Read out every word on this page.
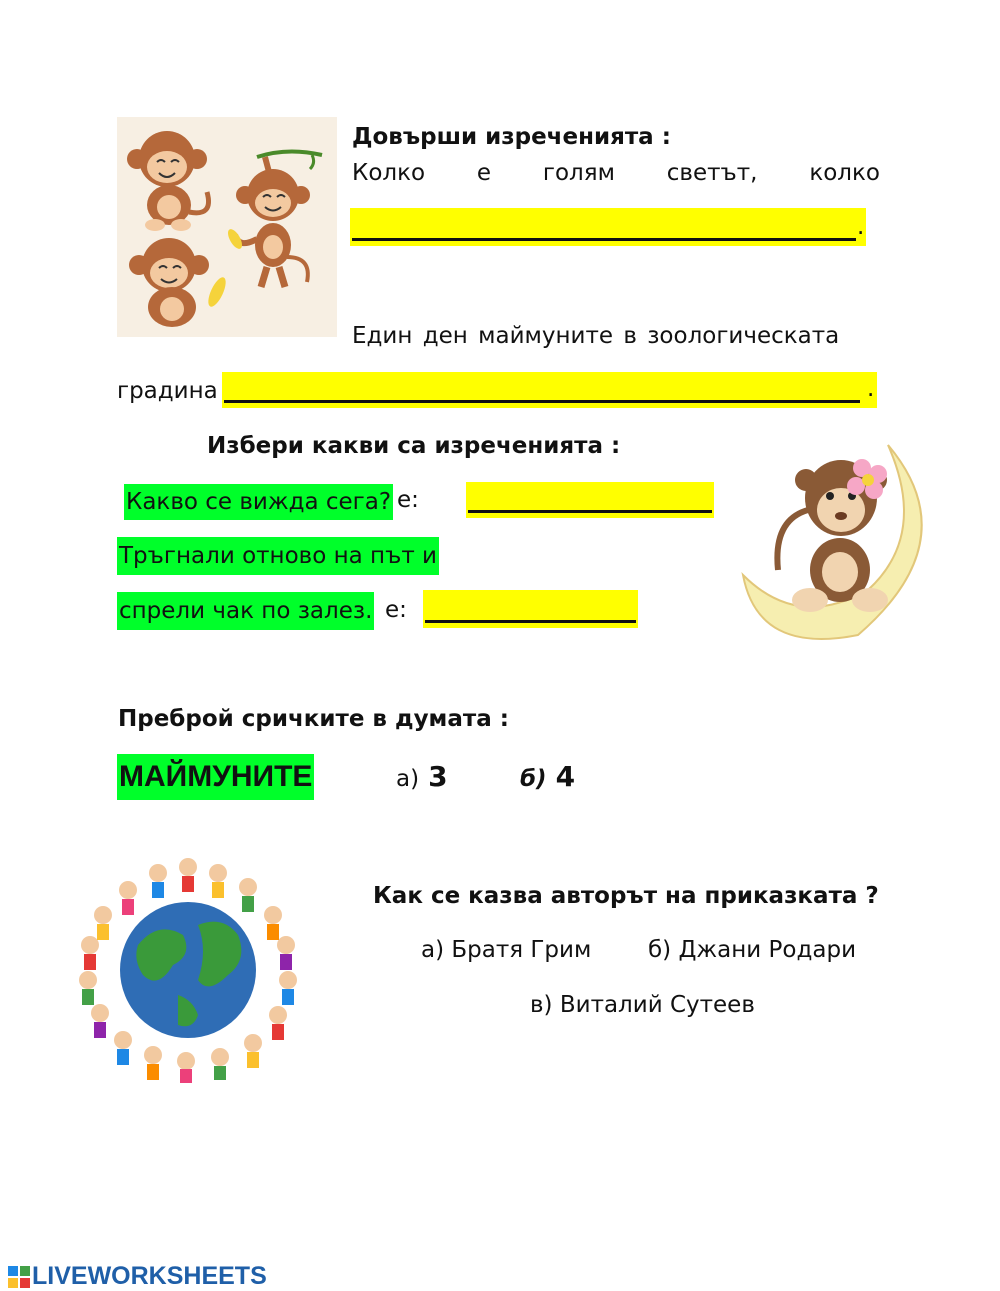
Довърши изреченията :
Колко е голям светът, колко
.
Един ден маймуните в зоологическата
градина	.
Избери какви са изреченията :
Какво се вижда сега? е:
Тръгнали отново на път и
спрели чак по залез. е:
Преброй сричките в думата :
МАЙМУНИТЕ	а) 3	б) 4
Как се казва авторът на приказката ?
а) Братя Грим б) Джани Родари
в) Виталий Сутеев
LIVEWORKSHEETS
